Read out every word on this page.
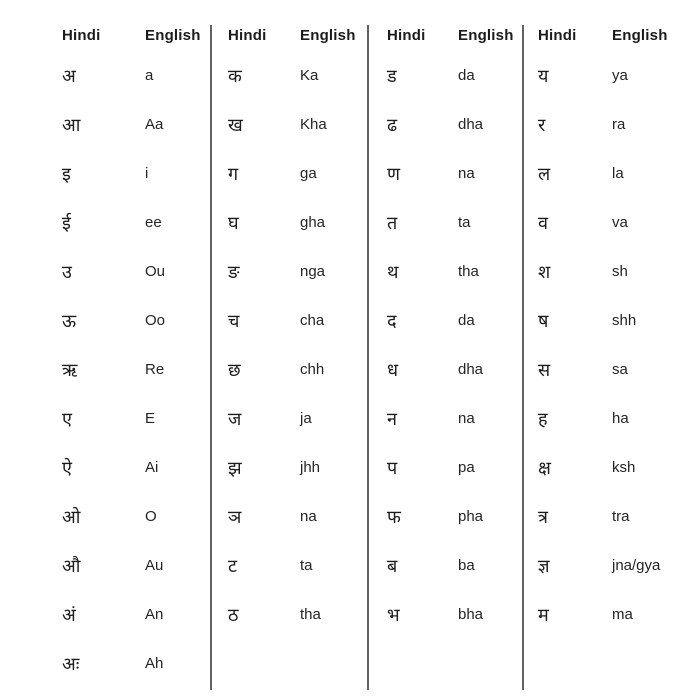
Hindi	English
अ	a
आ	Aa
इ	i
ई	ee
उ	Ou
ऊ	Oo
ऋ	Re
ए	E
ऐ	Ai
ओ	O
औ	Au
अं	An
अः	Ah
Hindi	English
क	Ka
ख	Kha
ग	ga
घ	gha
ङ	nga
च	cha
छ	chh
ज	ja
झ	jhh
ञ	na
ट	ta
ठ	tha
Hindi	English
ड	da
ढ	dha
ण	na
त	ta
थ	tha
द	da
ध	dha
न	na
प	pa
फ	pha
ब	ba
भ	bha
Hindi	English
य	ya
र	ra
ल	la
व	va
श	sh
ष	shh
स	sa
ह	ha
क्ष	ksh
त्र	tra
ज्ञ	jna/gya
म	ma
